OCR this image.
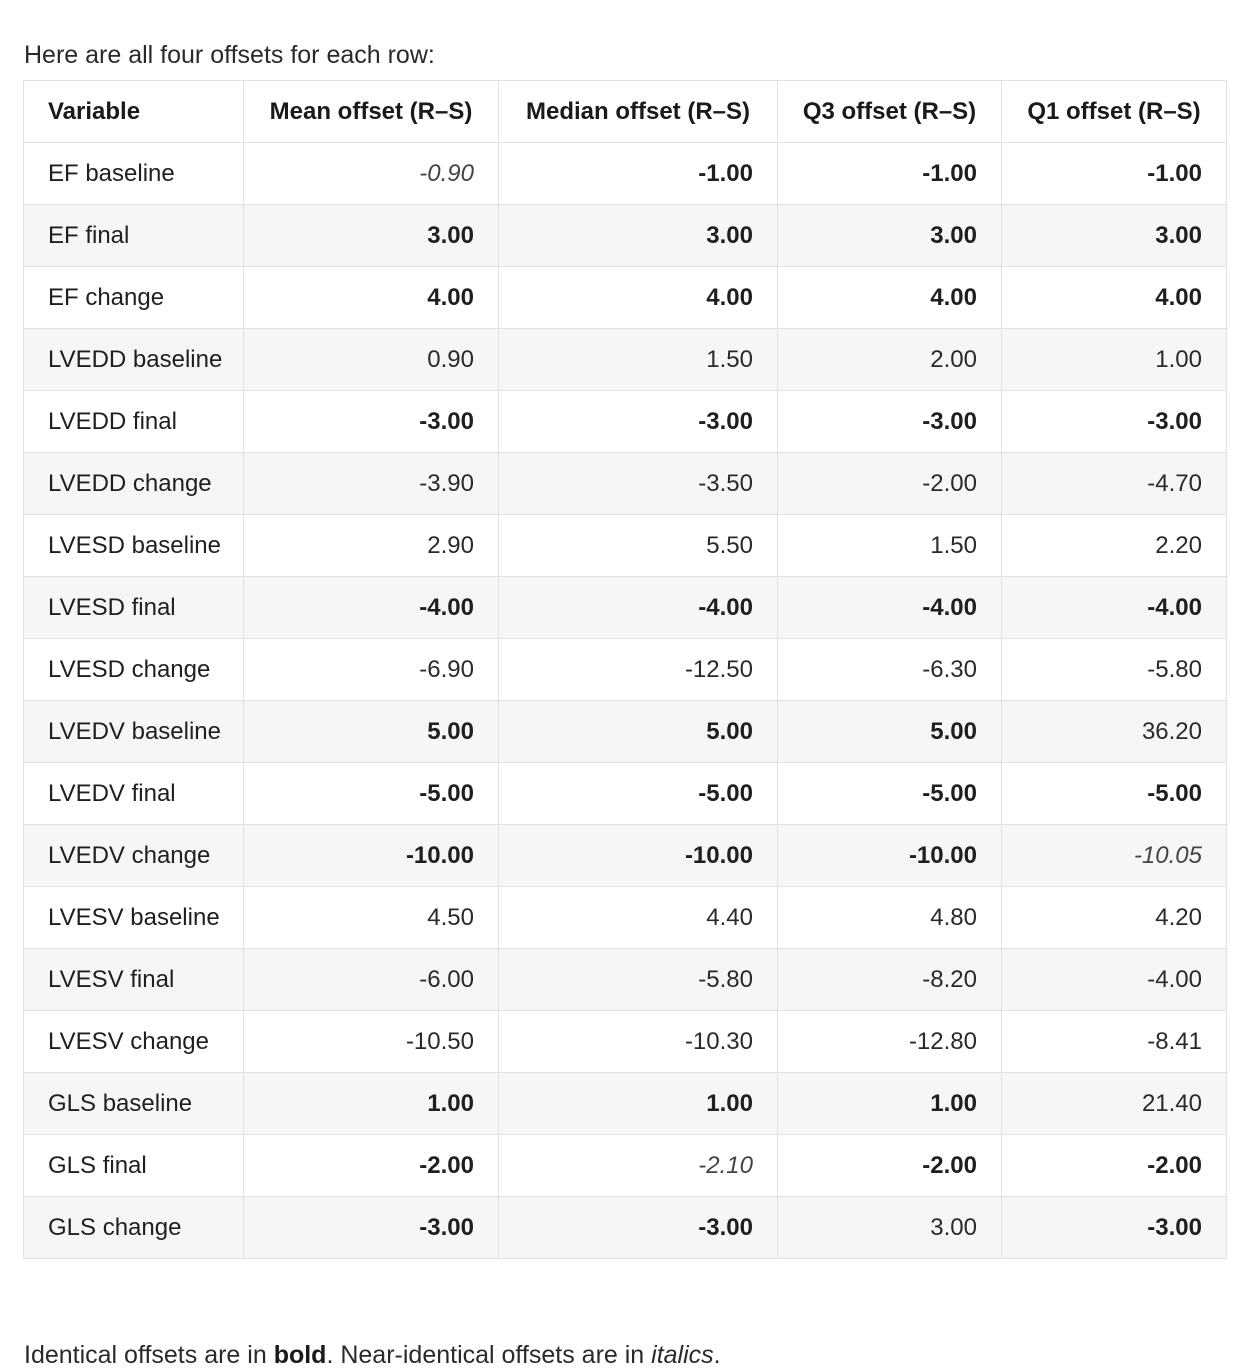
Here are all four offsets for each row:

Variable	Mean offset (R–S)	Median offset (R–S)	Q3 offset (R–S)	Q1 offset (R–S)
EF baseline	-0.90	-1.00	-1.00	-1.00
EF final	3.00	3.00	3.00	3.00
EF change	4.00	4.00	4.00	4.00
LVEDD baseline	0.90	1.50	2.00	1.00
LVEDD final	-3.00	-3.00	-3.00	-3.00
LVEDD change	-3.90	-3.50	-2.00	-4.70
LVESD baseline	2.90	5.50	1.50	2.20
LVESD final	-4.00	-4.00	-4.00	-4.00
LVESD change	-6.90	-12.50	-6.30	-5.80
LVEDV baseline	5.00	5.00	5.00	36.20
LVEDV final	-5.00	-5.00	-5.00	-5.00
LVEDV change	-10.00	-10.00	-10.00	-10.05
LVESV baseline	4.50	4.40	4.80	4.20
LVESV final	-6.00	-5.80	-8.20	-4.00
LVESV change	-10.50	-10.30	-12.80	-8.41
GLS baseline	1.00	1.00	1.00	21.40
GLS final	-2.00	-2.10	-2.00	-2.00
GLS change	-3.00	-3.00	3.00	-3.00

Identical offsets are in bold. Near-identical offsets are in italics.
